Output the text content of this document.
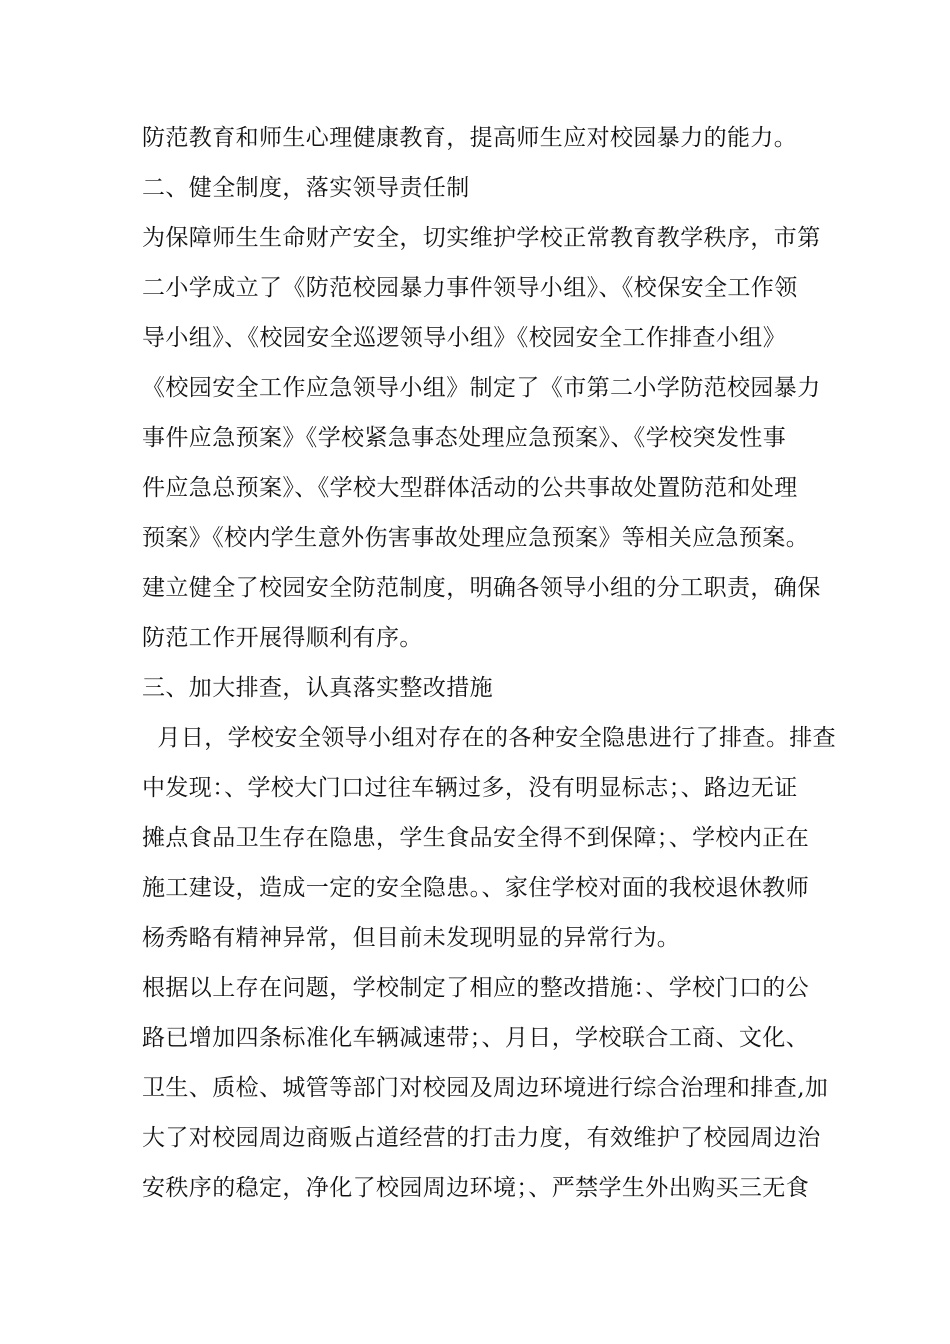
防范教育和师生心理健康教育，提高师生应对校园暴力的能力。
二、健全制度，落实领导责任制
为保障师生生命财产安全，切实维护学校正常教育教学秩序，市第
二小学成立了《防范校园暴力事件领导小组》、《校保安全工作领
导小组》、《校园安全巡逻领导小组》《校园安全工作排查小组》
《校园安全工作应急领导小组》制定了《市第二小学防范校园暴力
事件应急预案》《学校紧急事态处理应急预案》、《学校突发性事
件应急总预案》、《学校大型群体活动的公共事故处置防范和处理
预案》《校内学生意外伤害事故处理应急预案》等相关应急预案。
建立健全了校园安全防范制度，明确各领导小组的分工职责，确保
防范工作开展得顺利有序。
三、加大排查，认真落实整改措施
月日，学校安全领导小组对存在的各种安全隐患进行了排查。排查
中发现：、学校大门口过往车辆过多，没有明显标志；、路边无证
摊点食品卫生存在隐患，学生食品安全得不到保障；、学校内正在
施工建设，造成一定的安全隐患。、家住学校对面的我校退休教师
杨秀略有精神异常，但目前未发现明显的异常行为。
根据以上存在问题，学校制定了相应的整改措施：、学校门口的公
路已增加四条标准化车辆减速带；、月日，学校联合工商、文化、
卫生、质检、城管等部门对校园及周边环境进行综合治理和排查,加
大了对校园周边商贩占道经营的打击力度，有效维护了校园周边治
安秩序的稳定，净化了校园周边环境；、严禁学生外出购买三无食
